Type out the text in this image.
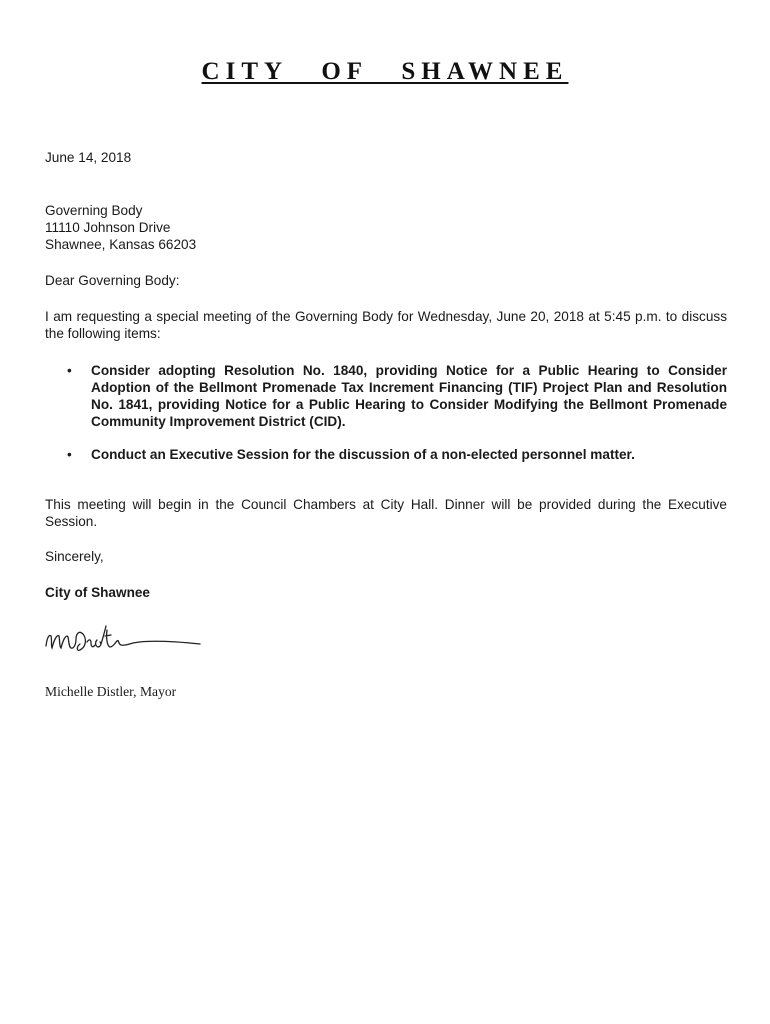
CITY OF SHAWNEE
June 14, 2018
Governing Body
11110 Johnson Drive
Shawnee, Kansas 66203
Dear Governing Body:
I am requesting a special meeting of the Governing Body for Wednesday, June 20, 2018 at 5:45 p.m. to discuss the following items:
• Consider adopting Resolution No. 1840, providing Notice for a Public Hearing to Consider Adoption of the Bellmont Promenade Tax Increment Financing (TIF) Project Plan and Resolution No. 1841, providing Notice for a Public Hearing to Consider Modifying the Bellmont Promenade Community Improvement District (CID).
• Conduct an Executive Session for the discussion of a non-elected personnel matter.
This meeting will begin in the Council Chambers at City Hall. Dinner will be provided during the Executive Session.
Sincerely,
City of Shawnee
Michelle Distler, Mayor
